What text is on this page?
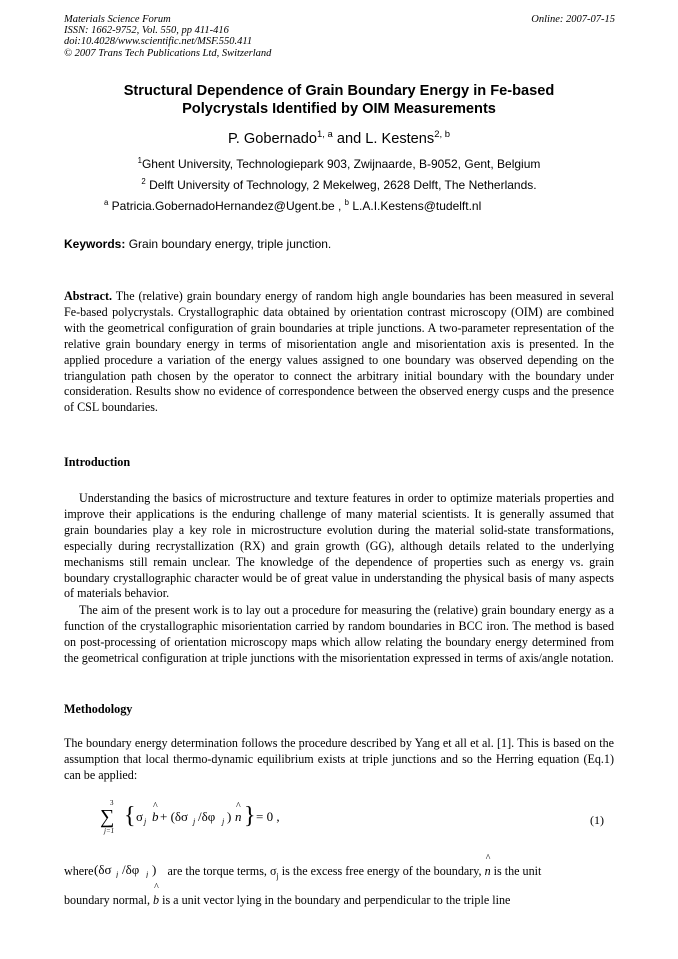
Materials Science Forum
ISSN: 1662-9752, Vol. 550, pp 411-416
doi:10.4028/www.scientific.net/MSF.550.411
© 2007 Trans Tech Publications Ltd, Switzerland
Online: 2007-07-15
Structural Dependence of Grain Boundary Energy in Fe-based
Polycrystals Identified by OIM Measurements
P. Gobernado$^{1, a}$ and L. Kestens$^{2, b}$
$^1$Ghent University, Technologiepark 903, Zwijnaarde, B-9052, Gent, Belgium
$^2$ Delft University of Technology, 2 Mekelweg, 2628 Delft, The Netherlands.
$^a$ Patricia.GobernadoHernandez@Ugent.be , $^b$ L.A.I.Kestens@tudelft.nl
Keywords: Grain boundary energy, triple junction.
Abstract. The (relative) grain boundary energy of random high angle boundaries has been measured in several Fe-based polycrystals. Crystallographic data obtained by orientation contrast microscopy (OIM) are combined with the geometrical configuration of grain boundaries at triple junctions. A two-parameter representation of the relative grain boundary energy in terms of misorientation angle and misorientation axis is presented. In the applied procedure a variation of the energy values assigned to one boundary was observed depending on the triangulation path chosen by the operator to connect the arbitrary initial boundary with the boundary under consideration. Results show no evidence of correspondence between the observed energy cusps and the presence of CSL boundaries.
Introduction
Understanding the basics of microstructure and texture features in order to optimize materials properties and improve their applications is the enduring challenge of many material scientists. It is generally assumed that grain boundaries play a key role in microstructure evolution during the material solid-state transformations, especially during recrystallization (RX) and grain growth (GG), although details related to the underlying mechanisms still remain unclear. The knowledge of the dependence of properties such as energy vs. grain boundary crystallographic character would be of great value in understanding the physical basis of many aspects of materials behavior.
The aim of the present work is to lay out a procedure for measuring the (relative) grain boundary energy as a function of the crystallographic misorientation carried by random boundaries in BCC iron. The method is based on post-processing of orientation microscopy maps which allow relating the boundary energy determined from the geometrical configuration at triple junctions with the misorientation expressed in terms of axis/angle notation.
Methodology
The boundary energy determination follows the procedure described by Yang et all et al. [1]. This is based on the assumption that local thermo-dynamic equilibrium exists at triple junctions and so the Herring equation (Eq.1) can be applied:
3
∑
j=1
{ σ j
^
b + (δσ j /δφ j )
^
n } = 0 ,	(1)
where (δσ j /δφ j ) are the torque terms, $\sigma_j$ is the excess free energy of the boundary,
^
n is the unit
boundary normal,
^
b is a unit vector lying in the boundary and perpendicular to the triple line
